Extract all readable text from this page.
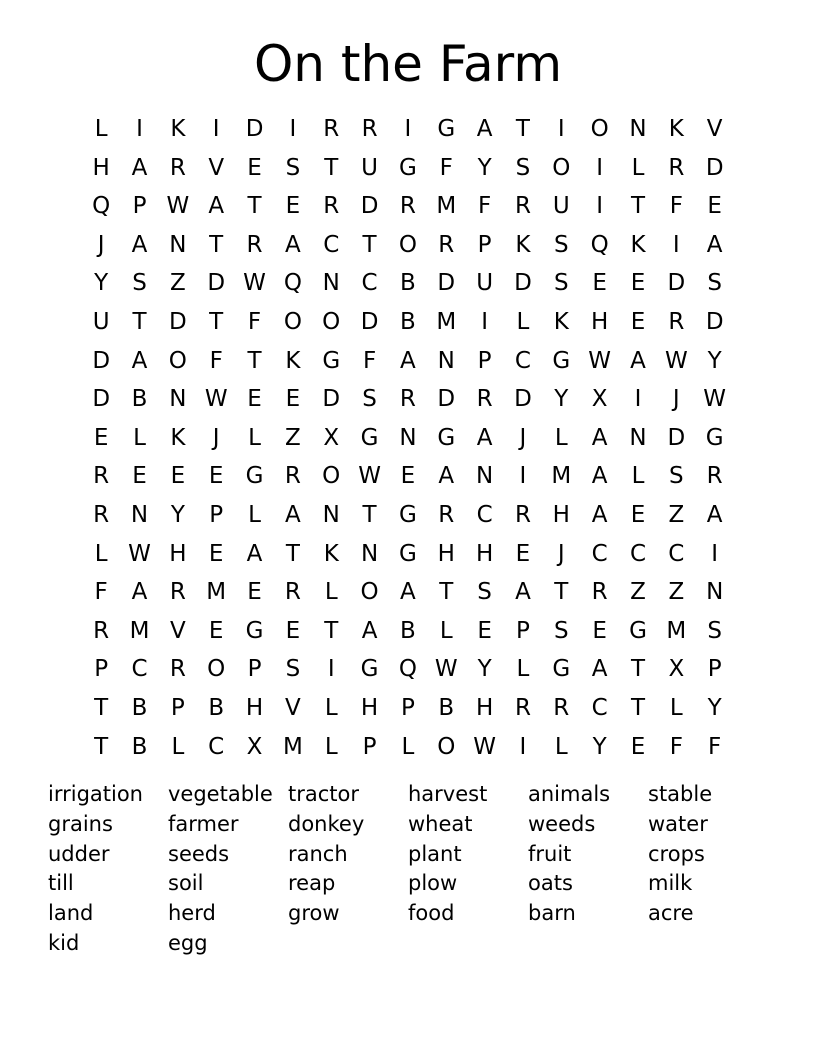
On the Farm
L	I	K	I	D	I	R R	I	G A	T	I	O N K V
H A R V	E	S	T U G F	Y	S O	I	L	R D
Q P W A	T	E	R D R M F	R U	I	T	F	E
J	A N T	R A C	T O R	P	K	S Q K	I	A
Y	S	Z D W Q N C B D U D S	E	E D S
U T D T	F O O D B M	I	L	K H E	R D
D A O F	T	K G F	A N P	C G W A W Y
D B N W E	E D S	R D R D Y	X	I	J	W
E	L	K	J	L	Z X G N G A	J	L	A N D G
R	E	E	E G R O W E	A N	I	M A	L	S	R
R N Y	P	L	A N T G R C R H A	E	Z A
L W H E	A	T	K N G H H E	J	C C C	I
F	A R M E	R	L O A	T	S	A	T	R Z Z N
R M V	E G E	T	A B	L	E	P	S	E G M S
P	C R O P	S	I	G Q W Y	L	G A	T	X	P
T	B	P	B H V	L	H P	B H R R C	T	L	Y
T	B	L	C X M L	P	L O W	I	L	Y	E	F	F
irrigation	vegetable tractor	harvest	animals	stable
grains	farmer	donkey	wheat	weeds	water
udder	seeds	ranch	plant	fruit	crops
till	soil	reap	plow	oats	milk
land	herd	grow	food	barn	acre
kid	egg
